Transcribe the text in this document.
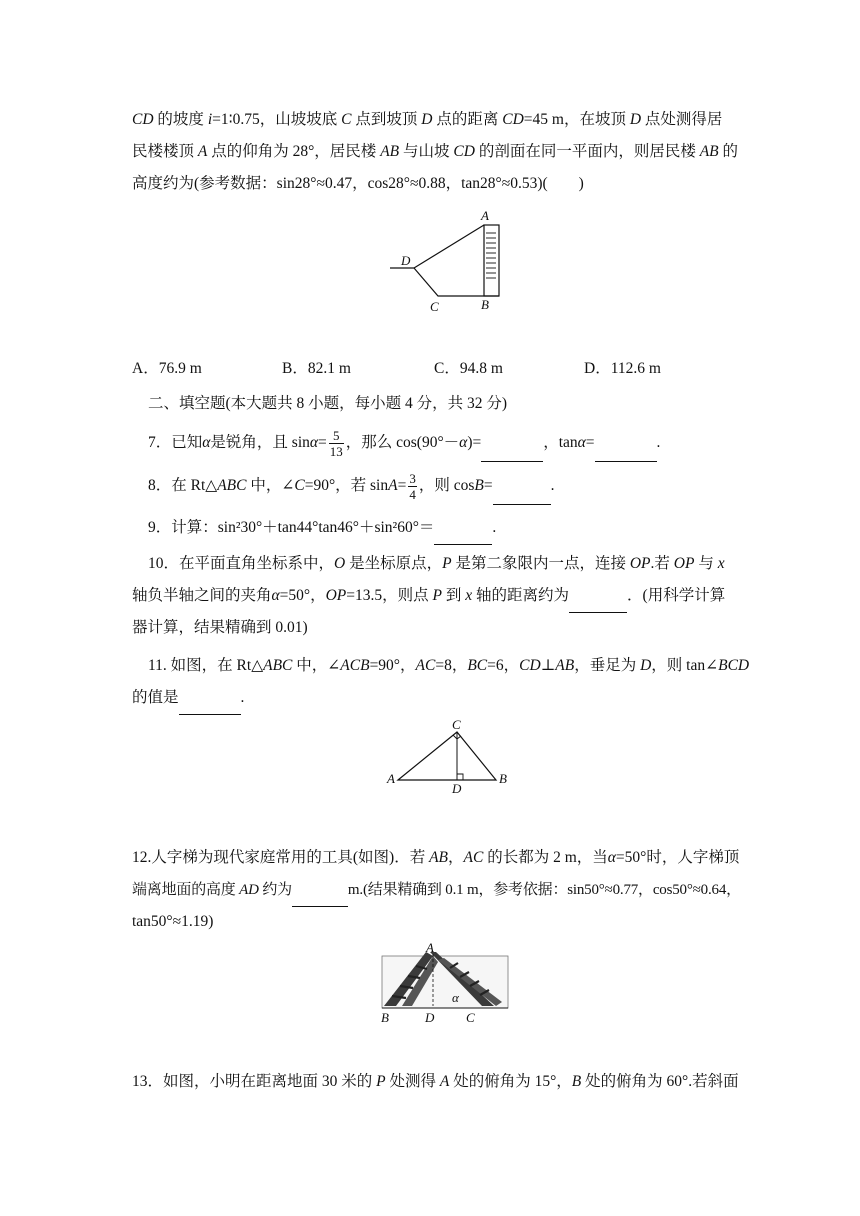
CD 的坡度 i=1∶0.75，山坡坡底 C 点到坡顶 D 点的距离 CD=45 m，在坡顶 D 点处测得居

民楼楼顶 A 点的仰角为 28°，居民楼 AB 与山坡 CD 的剖面在同一平面内，则居民楼 AB 的

高度约为(参考数据：sin28°≈0.47，cos28°≈0.88，tan28°≈0.53)(　　)

A
D
C	B
A．76.9 m	B．82.1 m	C．94.8 m	D．112.6 m

二、填空题(本大题共 8 小题，每小题 4 分，共 32 分)

7．已知α是锐角，且 $\sin\alpha= \frac{5}{13}$ ，那么 cos(90°－α)=	，tanα=	.

8．在 Rt△ABC 中，∠C=90°，若 $\sin A= \frac{3}{4}$ ，则 cosB=	.

9．计算：sin²30°＋tan44°tan46°＋sin²60°＝	.

10．在平面直角坐标系中，O 是坐标原点，P 是第二象限内一点，连接 OP.若 OP 与 x

轴负半轴之间的夹角α=50°，OP=13.5，则点 P 到 x 轴的距离约为	．(用科学计算

器计算，结果精确到 0.01)

11. 如图，在 Rt△ABC 中，∠ACB=90°，AC=8，BC=6，CD⊥AB，垂足为 D，则 tan∠BCD

的值是	.

C
A	B
D

12.人字梯为现代家庭常用的工具(如图)．若 AB，AC 的长都为 2 m，当α=50°时，人字梯顶

端离地面的高度 AD 约为	m.(结果精确到 0.1 m，参考依据：sin50°≈0.77，cos50°≈0.64，

tan50°≈1.19)

A
B	D C
α

13．如图，小明在距离地面 30 米的 P 处测得 A 处的俯角为 15°，B 处的俯角为 60°.若斜面
